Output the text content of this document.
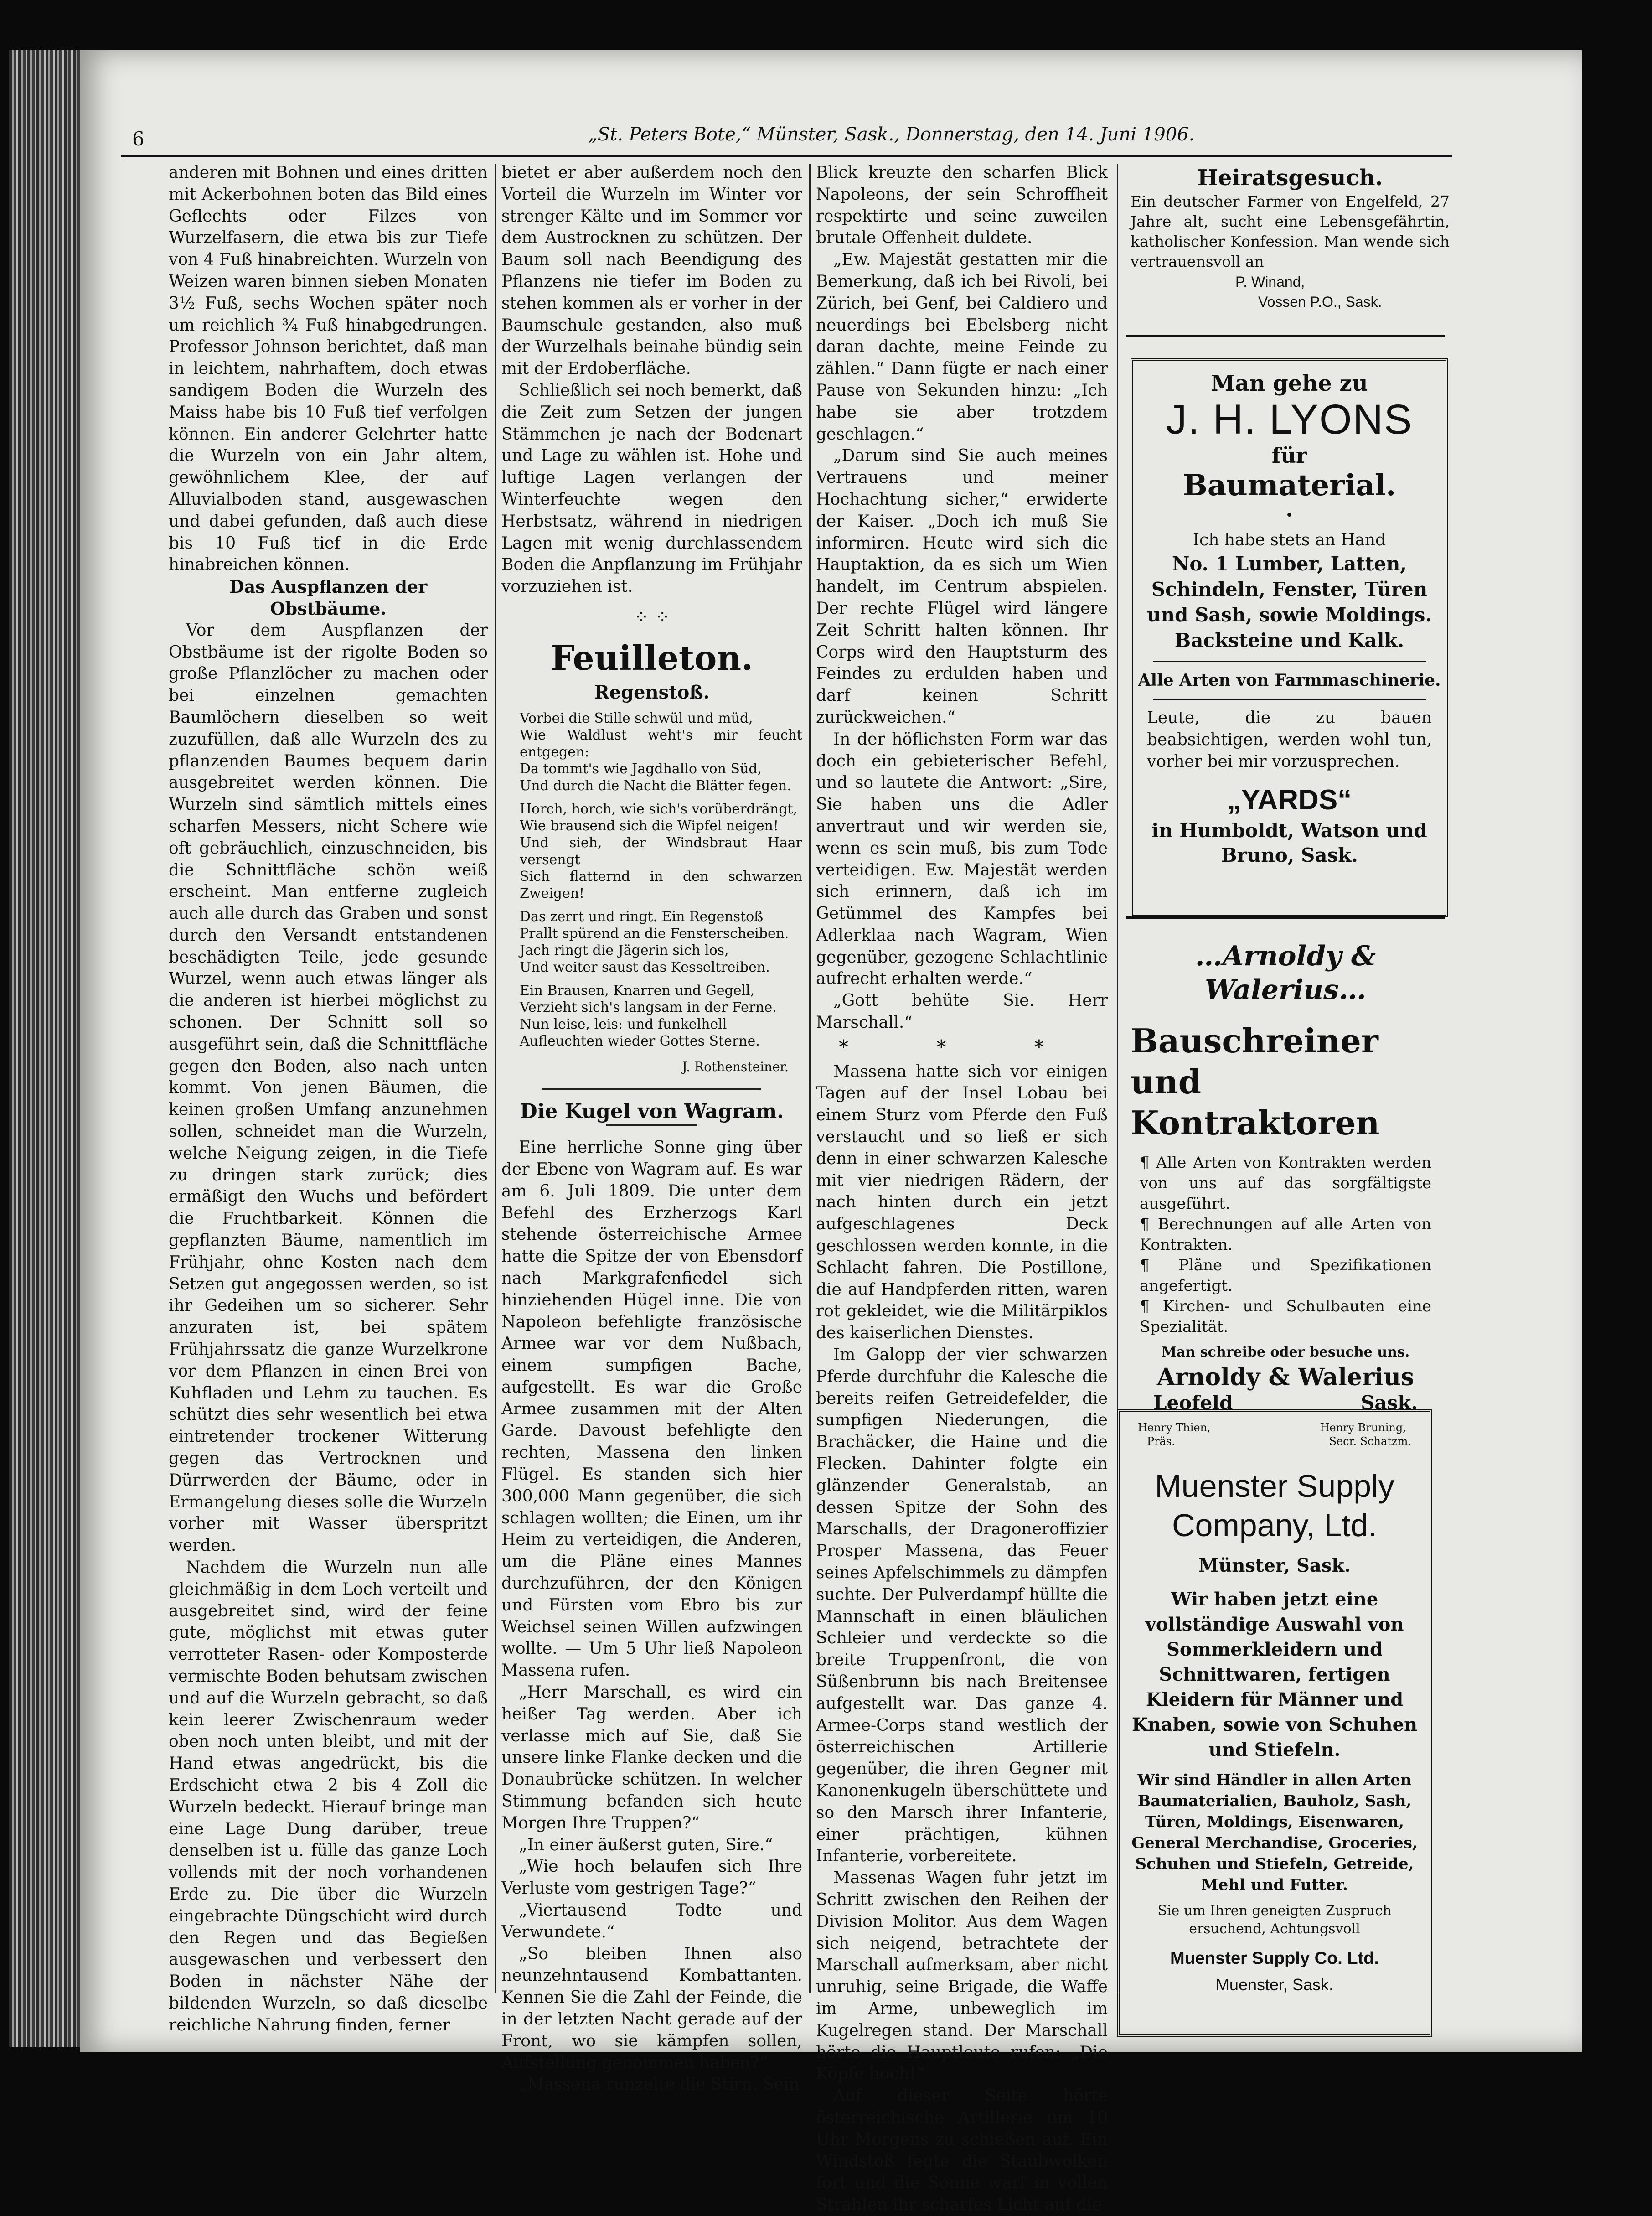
6	„St. Peters Bote,“ Münster, Sask., Donnerstag, den 14. Juni 1906.

anderen mit Bohnen und eines dritten mit Ackerbohnen boten das Bild eines Geflechts oder Filzes von Wurzelfasern, die etwa bis zur Tiefe von 4 Fuß hinabreichten. Wurzeln von Weizen waren binnen sieben Monaten 3½ Fuß, sechs Wochen später noch um reichlich ¾ Fuß hinabgedrungen. Professor Johnson berichtet, daß man in leichtem, nahrhaftem, doch etwas sandigem Boden die Wurzeln des Maiss habe bis 10 Fuß tief verfolgen können. Ein anderer Gelehrter hatte die Wurzeln von ein Jahr altem, gewöhnlichem Klee, der auf Alluvialboden stand, ausgewaschen und dabei gefunden, daß auch diese bis 10 Fuß tief in die Erde hinabreichen können.

Das Auspflanzen der Obstbäume.

Vor dem Auspflanzen der Obstbäume ist der rigolte Boden so große Pflanzlöcher zu machen oder bei einzelnen gemachten Baumlöchern dieselben so weit zuzufüllen, daß alle Wurzeln des zu pflanzenden Baumes bequem darin ausgebreitet werden können. Die Wurzeln sind sämtlich mittels eines scharfen Messers, nicht Schere wie oft gebräuchlich, einzuschneiden, bis die Schnittfläche schön weiß erscheint. Man entferne zugleich auch alle durch das Graben und sonst durch den Versandt entstandenen beschädigten Teile, jede gesunde Wurzel, wenn auch etwas länger als die anderen ist hierbei möglichst zu schonen. Der Schnitt soll so ausgeführt sein, daß die Schnittfläche gegen den Boden, also nach unten kommt. Von jenen Bäumen, die keinen großen Umfang anzunehmen sollen, schneidet man die Wurzeln, welche Neigung zeigen, in die Tiefe zu dringen stark zurück; dies ermäßigt den Wuchs und befördert die Fruchtbarkeit. Können die gepflanzten Bäume, namentlich im Frühjahr, ohne Kosten nach dem Setzen gut angegossen werden, so ist ihr Gedeihen um so sicherer. Sehr anzuraten ist, bei spätem Frühjahrssatz die ganze Wurzelkrone vor dem Pflanzen in einen Brei von Kuhfladen und Lehm zu tauchen. Es schützt dies sehr wesentlich bei etwa eintretender trockener Witterung gegen das Vertrocknen und Dürrwerden der Bäume, oder in Ermangelung dieses solle die Wurzeln vorher mit Wasser überspritzt werden.

Nachdem die Wurzeln nun alle gleichmäßig in dem Loch verteilt und ausgebreitet sind, wird der feine gute, möglichst mit etwas guter verrotteter Rasen- oder Komposterde vermischte Boden behutsam zwischen und auf die Wurzeln gebracht, so daß kein leerer Zwischenraum weder oben noch unten bleibt, und mit der Hand etwas angedrückt, bis die Erdschicht etwa 2 bis 4 Zoll die Wurzeln bedeckt. Hierauf bringe man eine Lage Dung darüber, treue denselben ist u. fülle das ganze Loch vollends mit der noch vorhandenen Erde zu. Die über die Wurzeln eingebrachte Düngschicht wird durch den Regen und das Begießen ausgewaschen und verbessert den Boden in nächster Nähe der bildenden Wurzeln, so daß dieselbe reichliche Nahrung finden, ferner

bietet er aber außerdem noch den Vorteil die Wurzeln im Winter vor strenger Kälte und im Sommer vor dem Austrocknen zu schützen. Der Baum soll nach Beendigung des Pflanzens nie tiefer im Boden zu stehen kommen als er vorher in der Baumschule gestanden, also muß der Wurzelhals beinahe bündig sein mit der Erdoberfläche.

Schließlich sei noch bemerkt, daß die Zeit zum Setzen der jungen Stämmchen je nach der Bodenart und Lage zu wählen ist. Hohe und luftige Lagen verlangen der Winterfeuchte wegen den Herbstsatz, während in niedrigen Lagen mit wenig durchlassendem Boden die Anpflanzung im Frühjahr vorzuziehen ist.

⁘ ⁘
Feuilleton.
Regenstoß.
Vorbei die Stille schwül und müd,
Wie Waldlust weht's mir feucht entgegen:
Da tommt's wie Jagdhallo von Süd,
Und durch die Nacht die Blätter fegen.
Horch, horch, wie sich's vorüberdrängt,
Wie brausend sich die Wipfel neigen!
Und sieh, der Windsbraut Haar versengt
Sich flatternd in den schwarzen Zweigen!
Das zerrt und ringt. Ein Regenstoß
Prallt spürend an die Fensterscheiben.
Jach ringt die Jägerin sich los,
Und weiter saust das Kesseltreiben.
Ein Brausen, Knarren und Gegell,
Verzieht sich's langsam in der Ferne.
Nun leise, leis: und funkelhell
Aufleuchten wieder Gottes Sterne.
J. Rothensteiner.

Die Kugel von Wagram.

Eine herrliche Sonne ging über der Ebene von Wagram auf. Es war am 6. Juli 1809. Die unter dem Befehl des Erzherzogs Karl stehende österreichische Armee hatte die Spitze der von Ebensdorf nach Markgrafenfiedel sich hinziehenden Hügel inne. Die von Napoleon befehligte französische Armee war vor dem Nußbach, einem sumpfigen Bache, aufgestellt. Es war die Große Armee zusammen mit der Alten Garde. Davoust befehligte den rechten, Massena den linken Flügel. Es standen sich hier 300,000 Mann gegenüber, die sich schlagen wollten; die Einen, um ihr Heim zu verteidigen, die Anderen, um die Pläne eines Mannes durchzuführen, der den Königen und Fürsten vom Ebro bis zur Weichsel seinen Willen aufzwingen wollte. — Um 5 Uhr ließ Napoleon Massena rufen.

„Herr Marschall, es wird ein heißer Tag werden. Aber ich verlasse mich auf Sie, daß Sie unsere linke Flanke decken und die Donaubrücke schützen. In welcher Stimmung befanden sich heute Morgen Ihre Truppen?“

„In einer äußerst guten, Sire.“

„Wie hoch belaufen sich Ihre Verluste vom gestrigen Tage?“

„Viertausend Todte und Verwundete.“

„So bleiben Ihnen also neunzehntausend Kombattanten. Kennen Sie die Zahl der Feinde, die in der letzten Nacht gerade auf der Front, wo sie kämpfen sollen, Aufstellung genommen haben?“

„Massena runzelte die Stirn. Sein

Blick kreuzte den scharfen Blick Napoleons, der sein Schroffheit respektirte und seine zuweilen brutale Offenheit duldete.

„Ew. Majestät gestatten mir die Bemerkung, daß ich bei Rivoli, bei Zürich, bei Genf, bei Caldiero und neuerdings bei Ebelsberg nicht daran dachte, meine Feinde zu zählen.“ Dann fügte er nach einer Pause von Sekunden hinzu: „Ich habe sie aber trotzdem geschlagen.“

„Darum sind Sie auch meines Vertrauens und meiner Hochachtung sicher,“ erwiderte der Kaiser. „Doch ich muß Sie informiren. Heute wird sich die Hauptaktion, da es sich um Wien handelt, im Centrum abspielen. Der rechte Flügel wird längere Zeit Schritt halten können. Ihr Corps wird den Hauptsturm des Feindes zu erdulden haben und darf keinen Schritt zurückweichen.“

In der höflichsten Form war das doch ein gebieterischer Befehl, und so lautete die Antwort: „Sire, Sie haben uns die Adler anvertraut und wir werden sie, wenn es sein muß, bis zum Tode verteidigen. Ew. Majestät werden sich erinnern, daß ich im Getümmel des Kampfes bei Adlerklaa nach Wagram, Wien gegenüber, gezogene Schlachtlinie aufrecht erhalten werde.“

„Gott behüte Sie. Herr Marschall.“

* * *

Massena hatte sich vor einigen Tagen auf der Insel Lobau bei einem Sturz vom Pferde den Fuß verstaucht und so ließ er sich denn in einer schwarzen Kalesche mit vier niedrigen Rädern, der nach hinten durch ein jetzt aufgeschlagenes Deck geschlossen werden konnte, in die Schlacht fahren. Die Postillone, die auf Handpferden ritten, waren rot gekleidet, wie die Militärpiklos des kaiserlichen Dienstes.

Im Galopp der vier schwarzen Pferde durchfuhr die Kalesche die bereits reifen Getreidefelder, die sumpfigen Niederungen, die Brachäcker, die Haine und die Flecken. Dahinter folgte ein glänzender Generalstab, an dessen Spitze der Sohn des Marschalls, der Dragoneroffizier Prosper Massena, das Feuer seines Apfelschimmels zu dämpfen suchte. Der Pulverdampf hüllte die Mannschaft in einen bläulichen Schleier und verdeckte so die breite Truppenfront, die von Süßenbrunn bis nach Breitensee aufgestellt war. Das ganze 4. Armee-Corps stand westlich der österreichischen Artillerie gegenüber, die ihren Gegner mit Kanonenkugeln überschüttete und so den Marsch ihrer Infanterie, einer prächtigen, kühnen Infanterie, vorbereitete.

Massenas Wagen fuhr jetzt im Schritt zwischen den Reihen der Division Molitor. Aus dem Wagen sich neigend, betrachtete der Marschall aufmerksam, aber nicht unruhig, seine Brigade, die Waffe im Arme, unbeweglich im Kugelregen stand. Der Marschall hörte die Hauptleute rufen: „Die Köpfe hoch!“

Auf dieser Seite hörte österreichische Artillerie um 10 Uhr Morgens zu schießen auf. Ein Windstoß fegte die Staubwolken fort und die Sonne warf in vollen Strahlen ihr scharfes Licht auf die

Heiratsgesuch.
Ein deutscher Farmer von Engelfeld, 27 Jahre alt, sucht eine Lebensgefährtin, katholischer Konfession. Man wende sich vertrauensvoll an
P. Winand,
Vossen P.O., Sask.
Man gehe zu
J. H. LYONS
für
Baumaterial.
•
Ich habe stets an Hand
No. 1 Lumber, Latten,
Schindeln, Fenster, Türen
und Sash, sowie Moldings.
Backsteine und Kalk.
Alle Arten von Farmmaschinerie.
Leute, die zu bauen beabsichtigen, werden wohl tun, vorher bei mir vorzusprechen.
„YARDS“
in Humboldt, Watson und
Bruno, Sask.
…Arnoldy & Walerius…
Bauschreiner
und Kontraktoren
¶ Alle Arten von Kontrakten werden von uns auf das sorgfältigste ausgeführt.
¶ Berechnungen auf alle Arten von Kontrakten.
¶ Pläne und Spezifikationen angefertigt.
¶ Kirchen- und Schulbauten eine Spezialität.
Man schreibe oder besuche uns.
Arnoldy & Walerius
Leofeld	Sask.
Henry Thien,
Präs.
Henry Bruning,
Secr. Schatzm.
Muenster Supply
Company, Ltd.
Münster, Sask.
Wir haben jetzt eine vollständige Auswahl von Sommerkleidern und Schnittwaren, fertigen Kleidern für Männer und Knaben, sowie von Schuhen und Stiefeln.
Wir sind Händler in allen Arten Baumaterialien, Bauholz, Sash, Türen, Moldings, Eisenwaren, General Merchandise, Groceries, Schuhen und Stiefeln, Getreide, Mehl und Futter.
Sie um Ihren geneigten Zuspruch ersuchend, Achtungsvoll
Muenster Supply Co. Ltd.
Muenster, Sask.
